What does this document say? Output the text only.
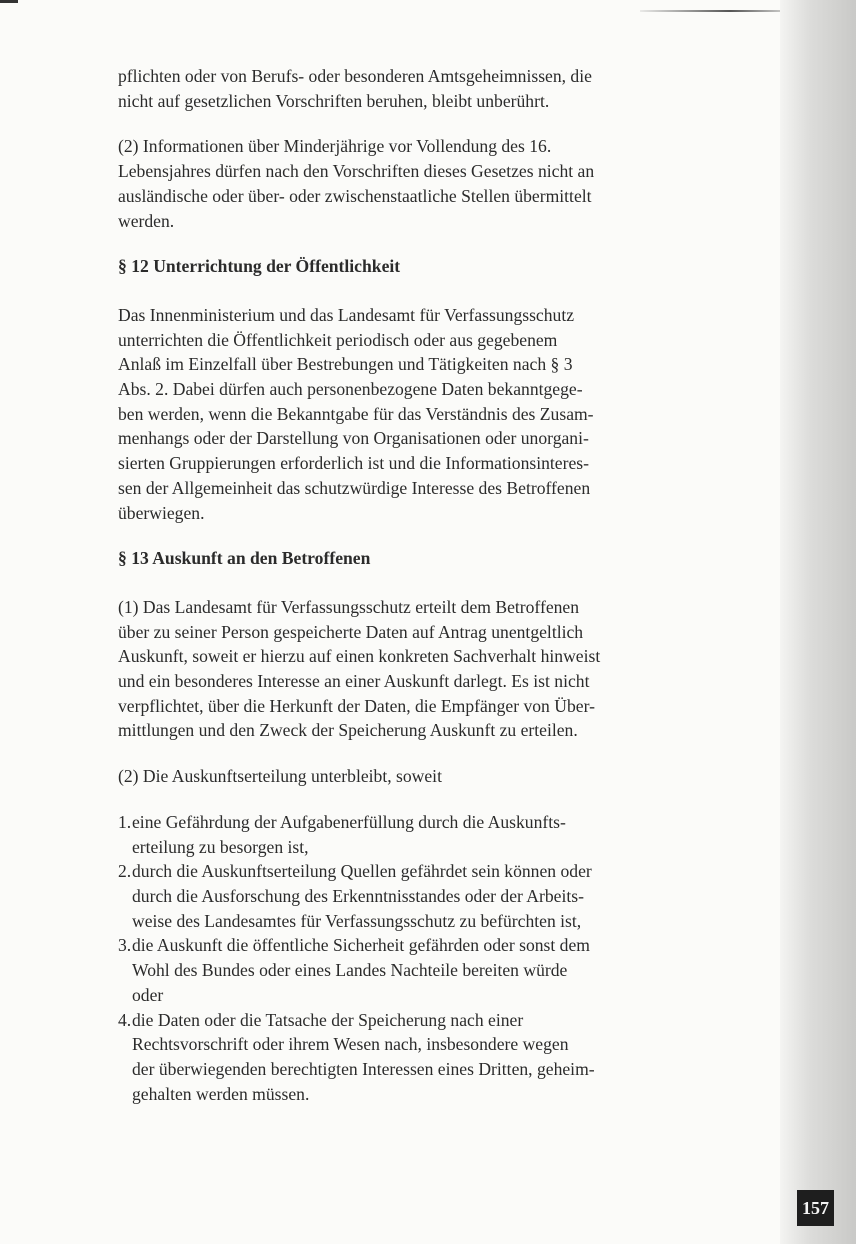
pflichten oder von Berufs- oder besonderen Amtsgeheimnissen, die
nicht auf gesetzlichen Vorschriften beruhen, bleibt unberührt.

(2) Informationen über Minderjährige vor Vollendung des 16.
Lebensjahres dürfen nach den Vorschriften dieses Gesetzes nicht an
ausländische oder über- oder zwischenstaatliche Stellen übermittelt
werden.

§ 12 Unterrichtung der Öffentlichkeit

Das Innenministerium und das Landesamt für Verfassungsschutz
unterrichten die Öffentlichkeit periodisch oder aus gegebenem
Anlaß im Einzelfall über Bestrebungen und Tätigkeiten nach § 3
Abs. 2. Dabei dürfen auch personenbezogene Daten bekanntgege-
ben werden, wenn die Bekanntgabe für das Verständnis des Zusam-
menhangs oder der Darstellung von Organisationen oder unorgani-
sierten Gruppierungen erforderlich ist und die Informationsinteres-
sen der Allgemeinheit das schutzwürdige Interesse des Betroffenen
überwiegen.

§ 13 Auskunft an den Betroffenen

(1) Das Landesamt für Verfassungsschutz erteilt dem Betroffenen
über zu seiner Person gespeicherte Daten auf Antrag unentgeltlich
Auskunft, soweit er hierzu auf einen konkreten Sachverhalt hinweist
und ein besonderes Interesse an einer Auskunft darlegt. Es ist nicht
verpflichtet, über die Herkunft der Daten, die Empfänger von Über-
mittlungen und den Zweck der Speicherung Auskunft zu erteilen.

(2) Die Auskunftserteilung unterbleibt, soweit

1. eine Gefährdung der Aufgabenerfüllung durch die Auskunfts-
erteilung zu besorgen ist,
2. durch die Auskunftserteilung Quellen gefährdet sein können oder
durch die Ausforschung des Erkenntnisstandes oder der Arbeits-
weise des Landesamtes für Verfassungsschutz zu befürchten ist,
3. die Auskunft die öffentliche Sicherheit gefährden oder sonst dem
Wohl des Bundes oder eines Landes Nachteile bereiten würde
oder
4. die Daten oder die Tatsache der Speicherung nach einer
Rechtsvorschrift oder ihrem Wesen nach, insbesondere wegen
der überwiegenden berechtigten Interessen eines Dritten, geheim-
gehalten werden müssen.
157
